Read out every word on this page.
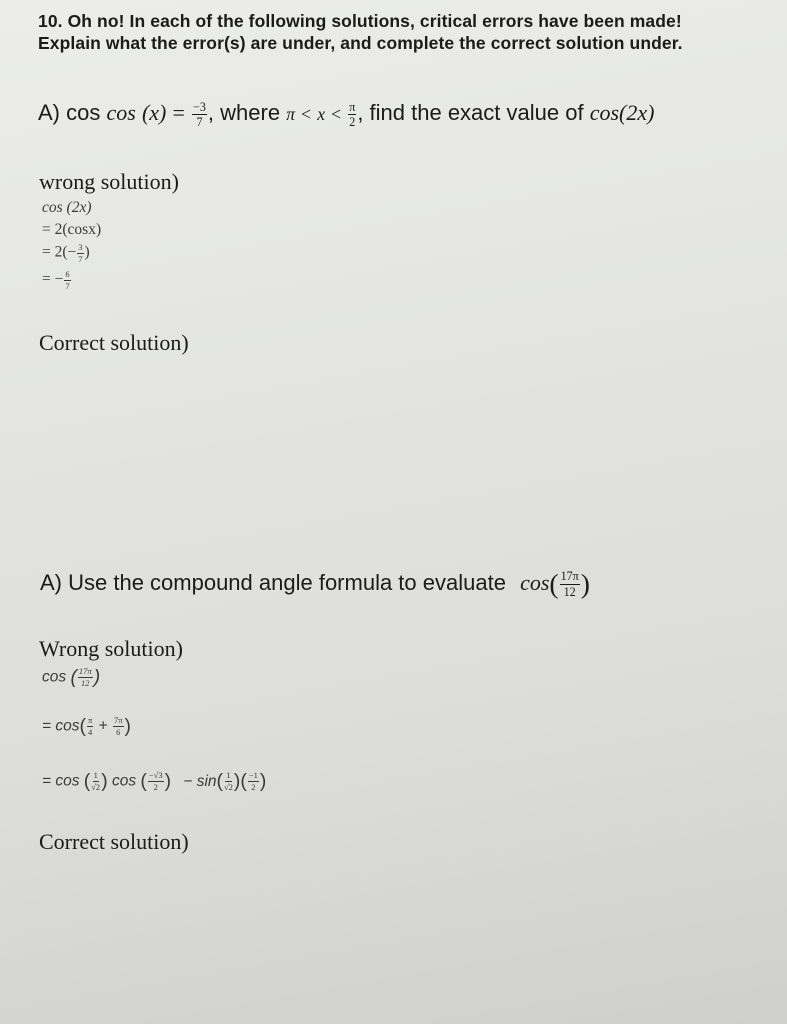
10. Oh no! In each of the following solutions, critical errors have been made!
Explain what the error(s) are under, and complete the correct solution under.
A) $\cos \cos (x) = \frac{-3}{7}$ , where $\pi < x < \frac{\pi}{2}$ , find the exact value of cos(2x)
wrong solution)
cos (2x)
= 2(cosx)
= $2(- \frac{3}{7}$ )
= − $\frac{6}{7}$
Correct solution)
A) Use the compound angle formula to evaluate $\cos( \frac{17\pi}{12}$ )
Wrong solution)
cos ( $\frac{17\pi}{12}$ )
= $\cos( \frac{\pi}{4} + \frac{7\pi}{6}$ )
= cos ( $\frac{1}{√2}$ ) cos ( $\frac{-√3}{2}$ ) − $\sin( \frac{1}{√2}$ )( $\frac{-1}{2}$ )
Correct solution)
